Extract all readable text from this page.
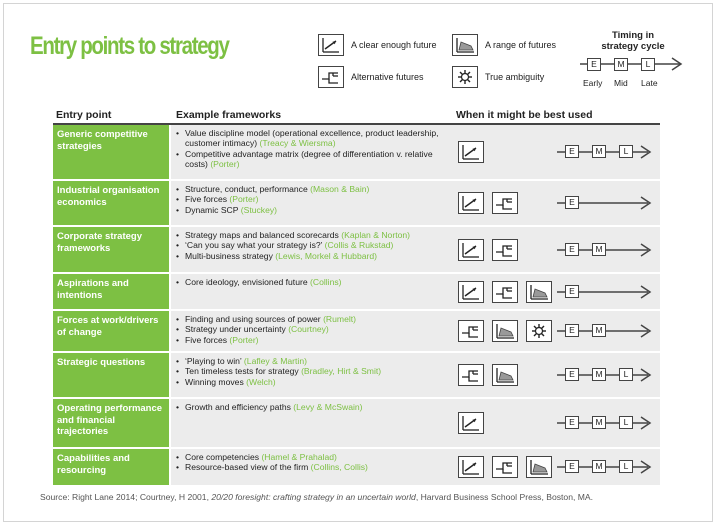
Entry points to strategy	A clear enough future	A range of futures
Alternative futures	True ambiguity
Timing in
strategy cycle
E	M	L
Early Mid Late
Entry point	Example frameworks	When it might be best used
Generic competitive strategies
• Value discipline model (operational excellence, product leadership, customer intimacy) (Treacy & Wiersma)
• Competitive advantage matrix (degree of differentiation v. relative costs) (Porter)
E	M	L
Industrial organisation economics
• Structure, conduct, performance (Mason & Bain)
• Five forces (Porter)
• Dynamic SCP (Stuckey)
E
Corporate strategy frameworks
• Strategy maps and balanced scorecards (Kaplan & Norton)
• ‘Can you say what your strategy is?’ (Collis & Rukstad)
• Multi-business strategy (Lewis, Morkel & Hubbard)
E	M
Aspirations and intentions
• Core ideology, envisioned future (Collins)
E
Forces at work/drivers of change
• Finding and using sources of power (Rumelt)
• Strategy under uncertainty (Courtney)
• Five forces (Porter)
E	M
Strategic questions
•	‘Playing to win’ (Lafley & Martin)
• Ten timeless tests for strategy (Bradley, Hirt & Smit)
• Winning moves (Welch)
E	M	L
Operating performance and financial trajectories
• Growth and efficiency paths (Levy & McSwain)
E	M	L
Capabilities and resourcing
• Core competencies (Hamel & Prahalad)
• Resource-based view of the firm (Collins, Collis)	E	M	L
Source: Right Lane 2014; Courtney, H 2001, 20/20 foresight: crafting strategy in an uncertain world, Harvard Business School Press, Boston, MA.
